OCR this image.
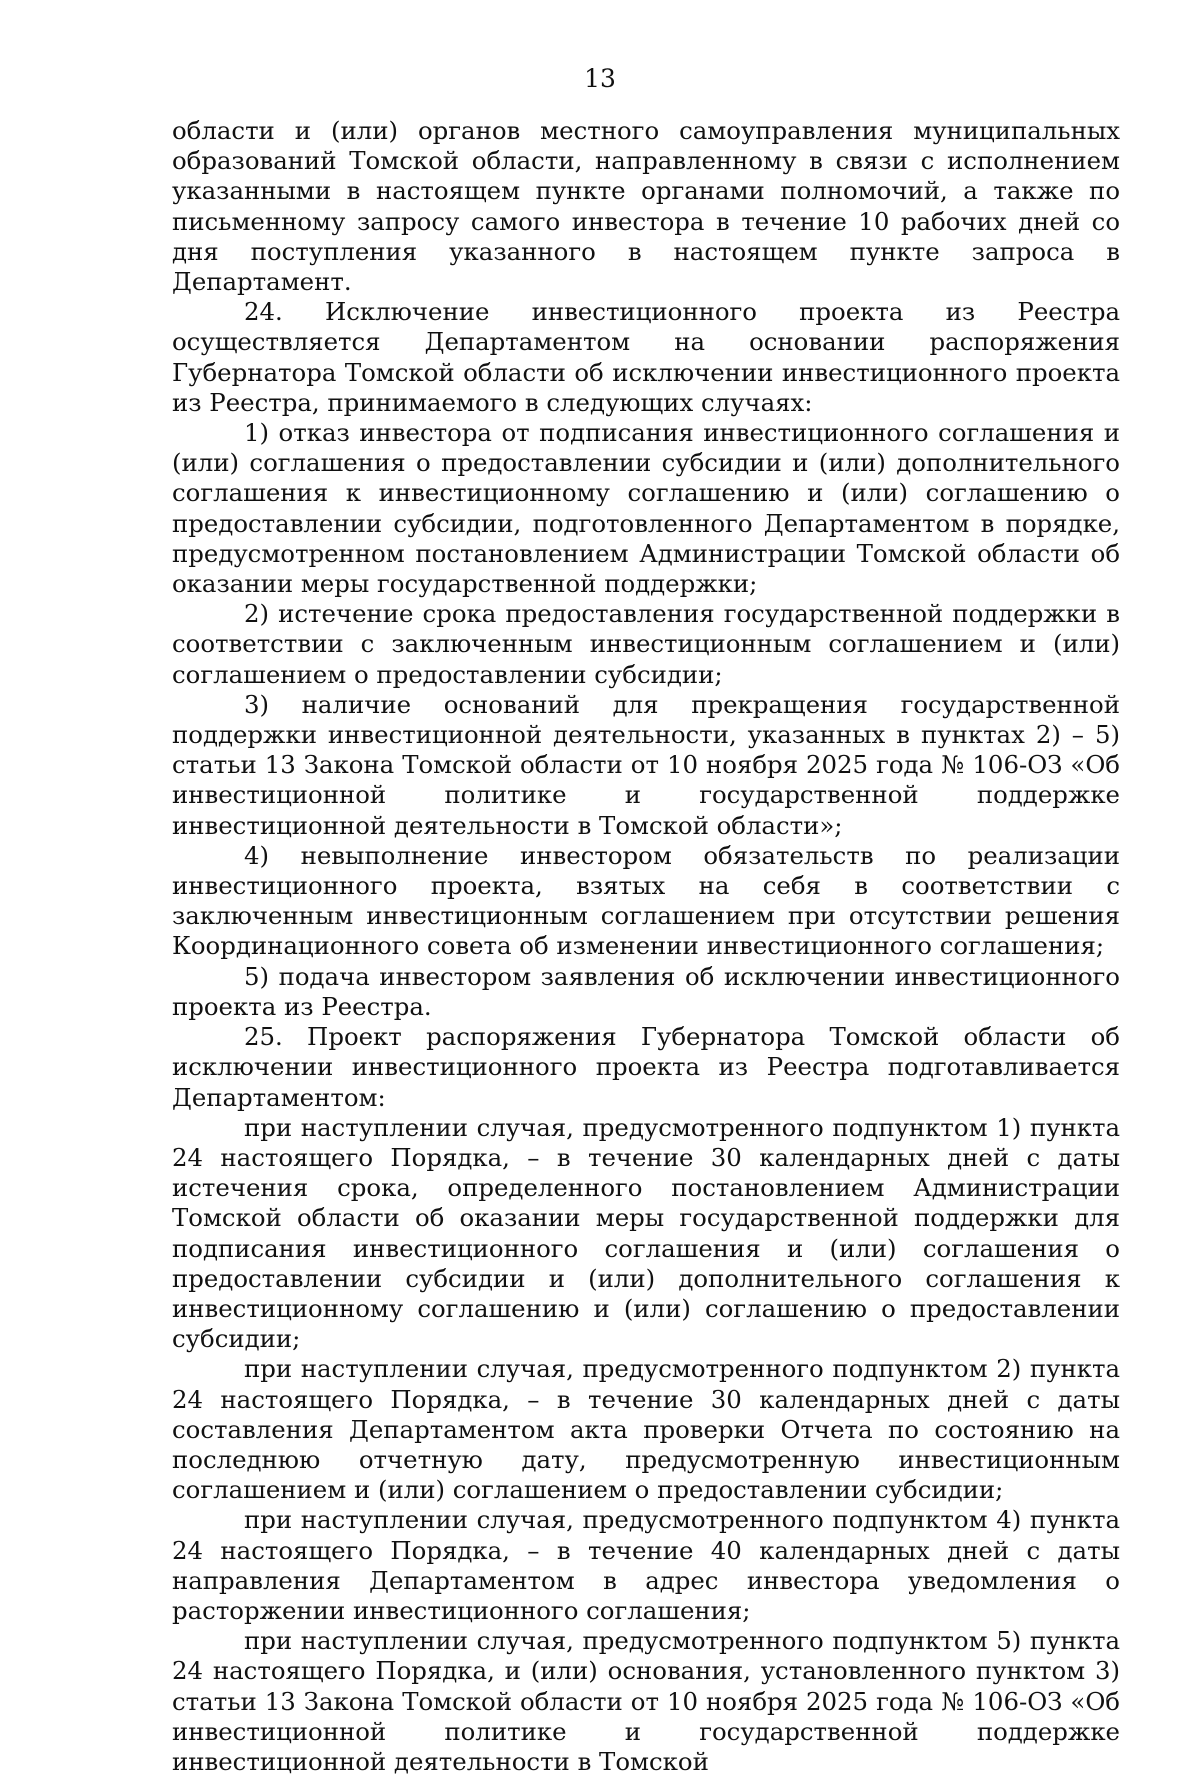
13

области и (или) органов местного самоуправления муниципальных образований Томской области, направленному в связи с исполнением указанными в настоящем пункте органами полномочий, а также по письменному запросу самого инвестора в течение 10 рабочих дней со дня поступления указанного в настоящем пункте запроса в Департамент.

24. Исключение инвестиционного проекта из Реестра осуществляется Департаментом на основании распоряжения Губернатора Томской области об исключении инвестиционного проекта из Реестра, принимаемого в следующих случаях:

1) отказ инвестора от подписания инвестиционного соглашения и (или) соглашения о предоставлении субсидии и (или) дополнительного соглашения к инвестиционному соглашению и (или) соглашению о предоставлении субсидии, подготовленного Департаментом в порядке, предусмотренном постановлением Администрации Томской области об оказании меры государственной поддержки;

2) истечение срока предоставления государственной поддержки в соответствии с заключенным инвестиционным соглашением и (или) соглашением о предоставлении субсидии;

3) наличие оснований для прекращения государственной поддержки инвестиционной деятельности, указанных в пунктах 2) – 5) статьи 13 Закона Томской области от 10 ноября 2025 года № 106-ОЗ «Об инвестиционной политике и государственной поддержке инвестиционной деятельности в Томской области»;

4) невыполнение инвестором обязательств по реализации инвестиционного проекта, взятых на себя в соответствии с заключенным инвестиционным соглашением при отсутствии решения Координационного совета об изменении инвестиционного соглашения;

5) подача инвестором заявления об исключении инвестиционного проекта из Реестра.

25. Проект распоряжения Губернатора Томской области об исключении инвестиционного проекта из Реестра подготавливается Департаментом:

при наступлении случая, предусмотренного подпунктом 1) пункта 24 настоящего Порядка, – в течение 30 календарных дней с даты истечения срока, определенного постановлением Администрации Томской области об оказании меры государственной поддержки для подписания инвестиционного соглашения и (или) соглашения о предоставлении субсидии и (или) дополнительного соглашения к инвестиционному соглашению и (или) соглашению о предоставлении субсидии;

при наступлении случая, предусмотренного подпунктом 2) пункта 24 настоящего Порядка, – в течение 30 календарных дней с даты составления Департаментом акта проверки Отчета по состоянию на последнюю отчетную дату, предусмотренную инвестиционным соглашением и (или) соглашением о предоставлении субсидии;

при наступлении случая, предусмотренного подпунктом 4) пункта 24 настоящего Порядка, – в течение 40 календарных дней с даты направления Департаментом в адрес инвестора уведомления о расторжении инвестиционного соглашения;

при наступлении случая, предусмотренного подпунктом 5) пункта 24 настоящего Порядка, и (или) основания, установленного пунктом 3) статьи 13 Закона Томской области от 10 ноября 2025 года № 106-ОЗ «Об инвестиционной политике и государственной поддержке инвестиционной деятельности в Томской
